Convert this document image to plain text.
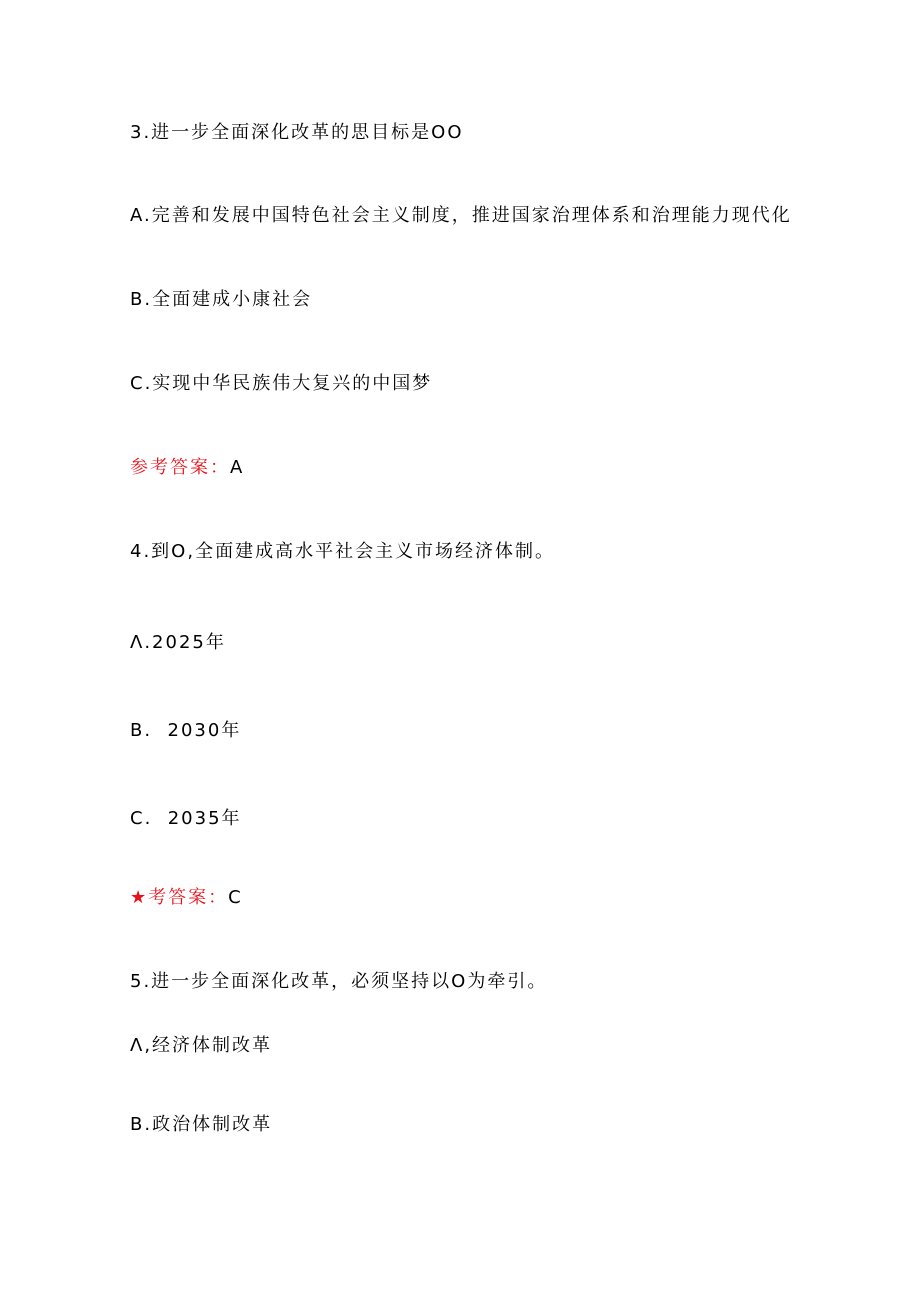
3.进一步全面深化改革的思目标是OO
A.完善和发展中国特色社会主义制度，推进国家治理体系和治理能力现代化
B.全面建成小康社会
C.实现中华民族伟大复兴的中国梦
参考答案：A
4.到O,全面建成高水平社会主义市场经济体制。
Λ.2025年
B.  2030年
C.  2035年
★考答案：C
5.进一步全面深化改革，必须坚持以O为牵引。
Λ,经济体制改革
B.政治体制改革
